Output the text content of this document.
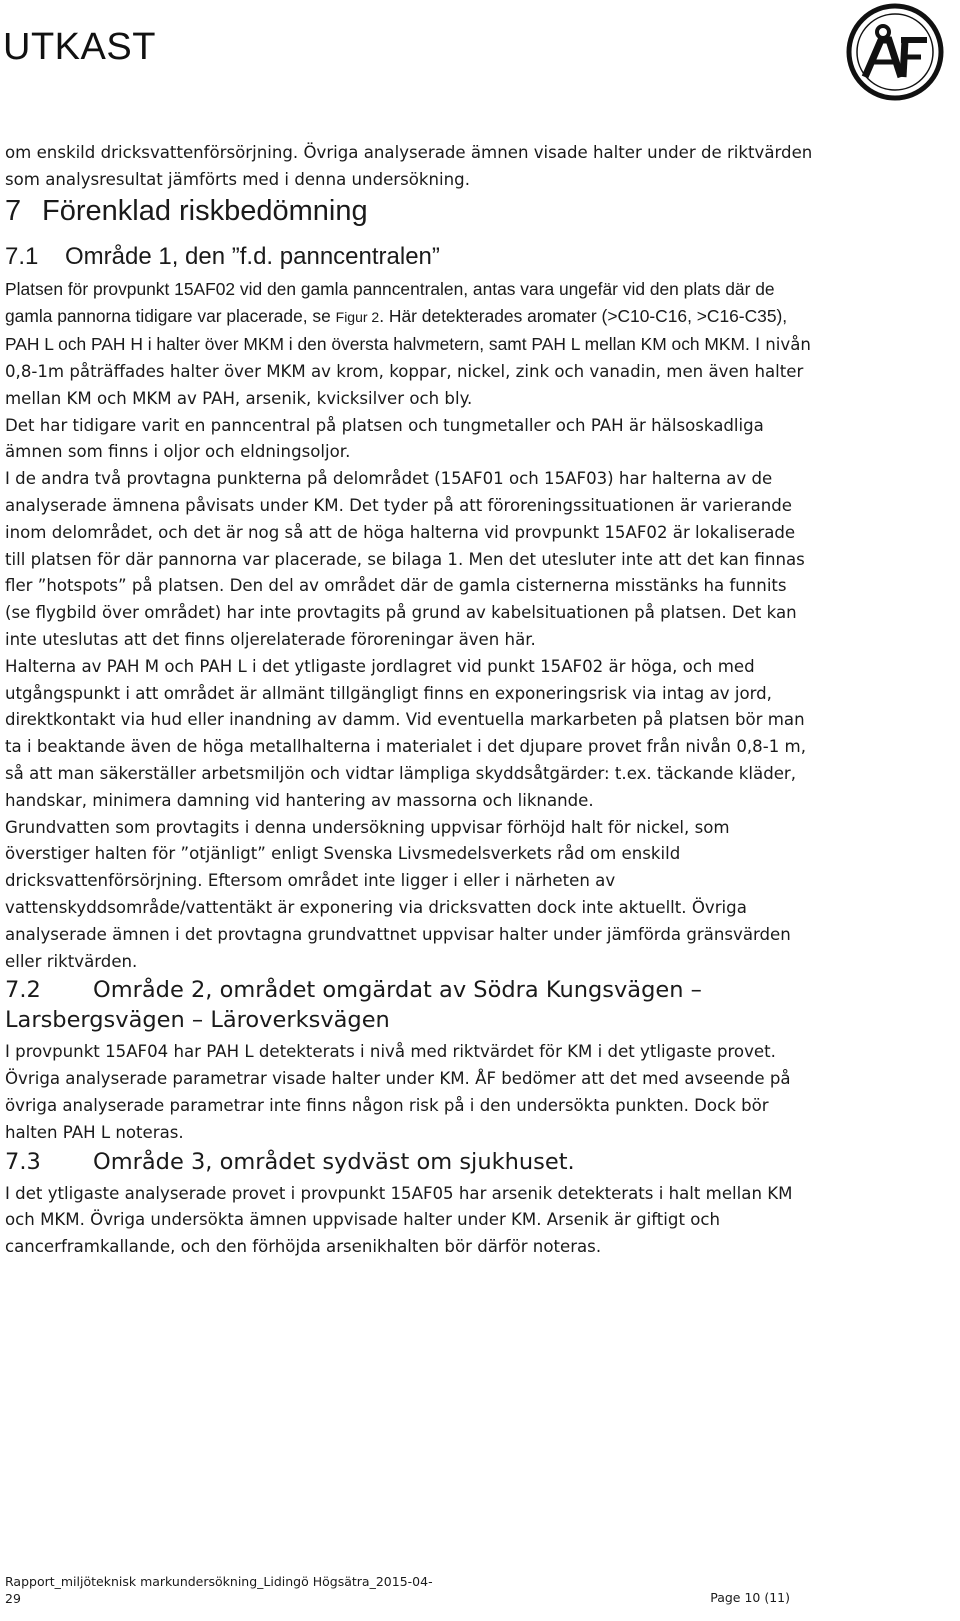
UTKAST

om enskild dricksvattenförsörjning. Övriga analyserade ämnen visade halter under de riktvärden som analysresultat jämförts med i denna undersökning.

7 Förenklad riskbedömning
7.1 Område 1, den ”f.d. panncentralen”

Platsen för provpunkt 15AF02 vid den gamla panncentralen, antas vara ungefär vid den plats där de gamla pannorna tidigare var placerade, se Figur 2. Här detekterades aromater (>C10-C16, >C16-C35), PAH L och PAH H i halter över MKM i den översta halvmetern, samt PAH L mellan KM och MKM. I nivån 0,8-1m påträffades halter över MKM av krom, koppar, nickel, zink och vanadin, men även halter mellan KM och MKM av PAH, arsenik, kvicksilver och bly.

Det har tidigare varit en panncentral på platsen och tungmetaller och PAH är hälsoskadliga ämnen som finns i oljor och eldningsoljor.

I de andra två provtagna punkterna på delområdet (15AF01 och 15AF03) har halterna av de analyserade ämnena påvisats under KM. Det tyder på att föroreningssituationen är varierande inom delområdet, och det är nog så att de höga halterna vid provpunkt 15AF02 är lokaliserade till platsen för där pannorna var placerade, se bilaga 1. Men det utesluter inte att det kan finnas fler ”hotspots” på platsen. Den del av området där de gamla cisternerna misstänks ha funnits (se flygbild över området) har inte provtagits på grund av kabelsituationen på platsen. Det kan inte uteslutas att det finns oljerelaterade föroreningar även här.

Halterna av PAH M och PAH L i det ytligaste jordlagret vid punkt 15AF02 är höga, och med utgångspunkt i att området är allmänt tillgängligt finns en exponeringsrisk via intag av jord, direktkontakt via hud eller inandning av damm. Vid eventuella markarbeten på platsen bör man ta i beaktande även de höga metallhalterna i materialet i det djupare provet från nivån 0,8-1 m, så att man säkerställer arbetsmiljön och vidtar lämpliga skyddsåtgärder: t.ex. täckande kläder, handskar, minimera damning vid hantering av massorna och liknande.

Grundvatten som provtagits i denna undersökning uppvisar förhöjd halt för nickel, som överstiger halten för ”otjänligt” enligt Svenska Livsmedelsverkets råd om enskild dricksvattenförsörjning. Eftersom området inte ligger i eller i närheten av vattenskyddsområde/vattentäkt är exponering via dricksvatten dock inte aktuellt. Övriga analyserade ämnen i det provtagna grundvattnet uppvisar halter under jämförda gränsvärden eller riktvärden.

7.2 Område 2, området omgärdat av Södra Kungsvägen – Larsbergsvägen – Läroverksvägen

I provpunkt 15AF04 har PAH L detekterats i nivå med riktvärdet för KM i det ytligaste provet. Övriga analyserade parametrar visade halter under KM. ÅF bedömer att det med avseende på övriga analyserade parametrar inte finns någon risk på i den undersökta punkten. Dock bör halten PAH L noteras.

7.3 Område 3, området sydväst om sjukhuset.

I det ytligaste analyserade provet i provpunkt 15AF05 har arsenik detekterats i halt mellan KM och MKM. Övriga undersökta ämnen uppvisade halter under KM. Arsenik är giftigt och cancerframkallande, och den förhöjda arsenikhalten bör därför noteras.

Rapport_miljöteknisk markundersökning_Lidingö Högsätra_2015-04-29	Page 10 (11)
